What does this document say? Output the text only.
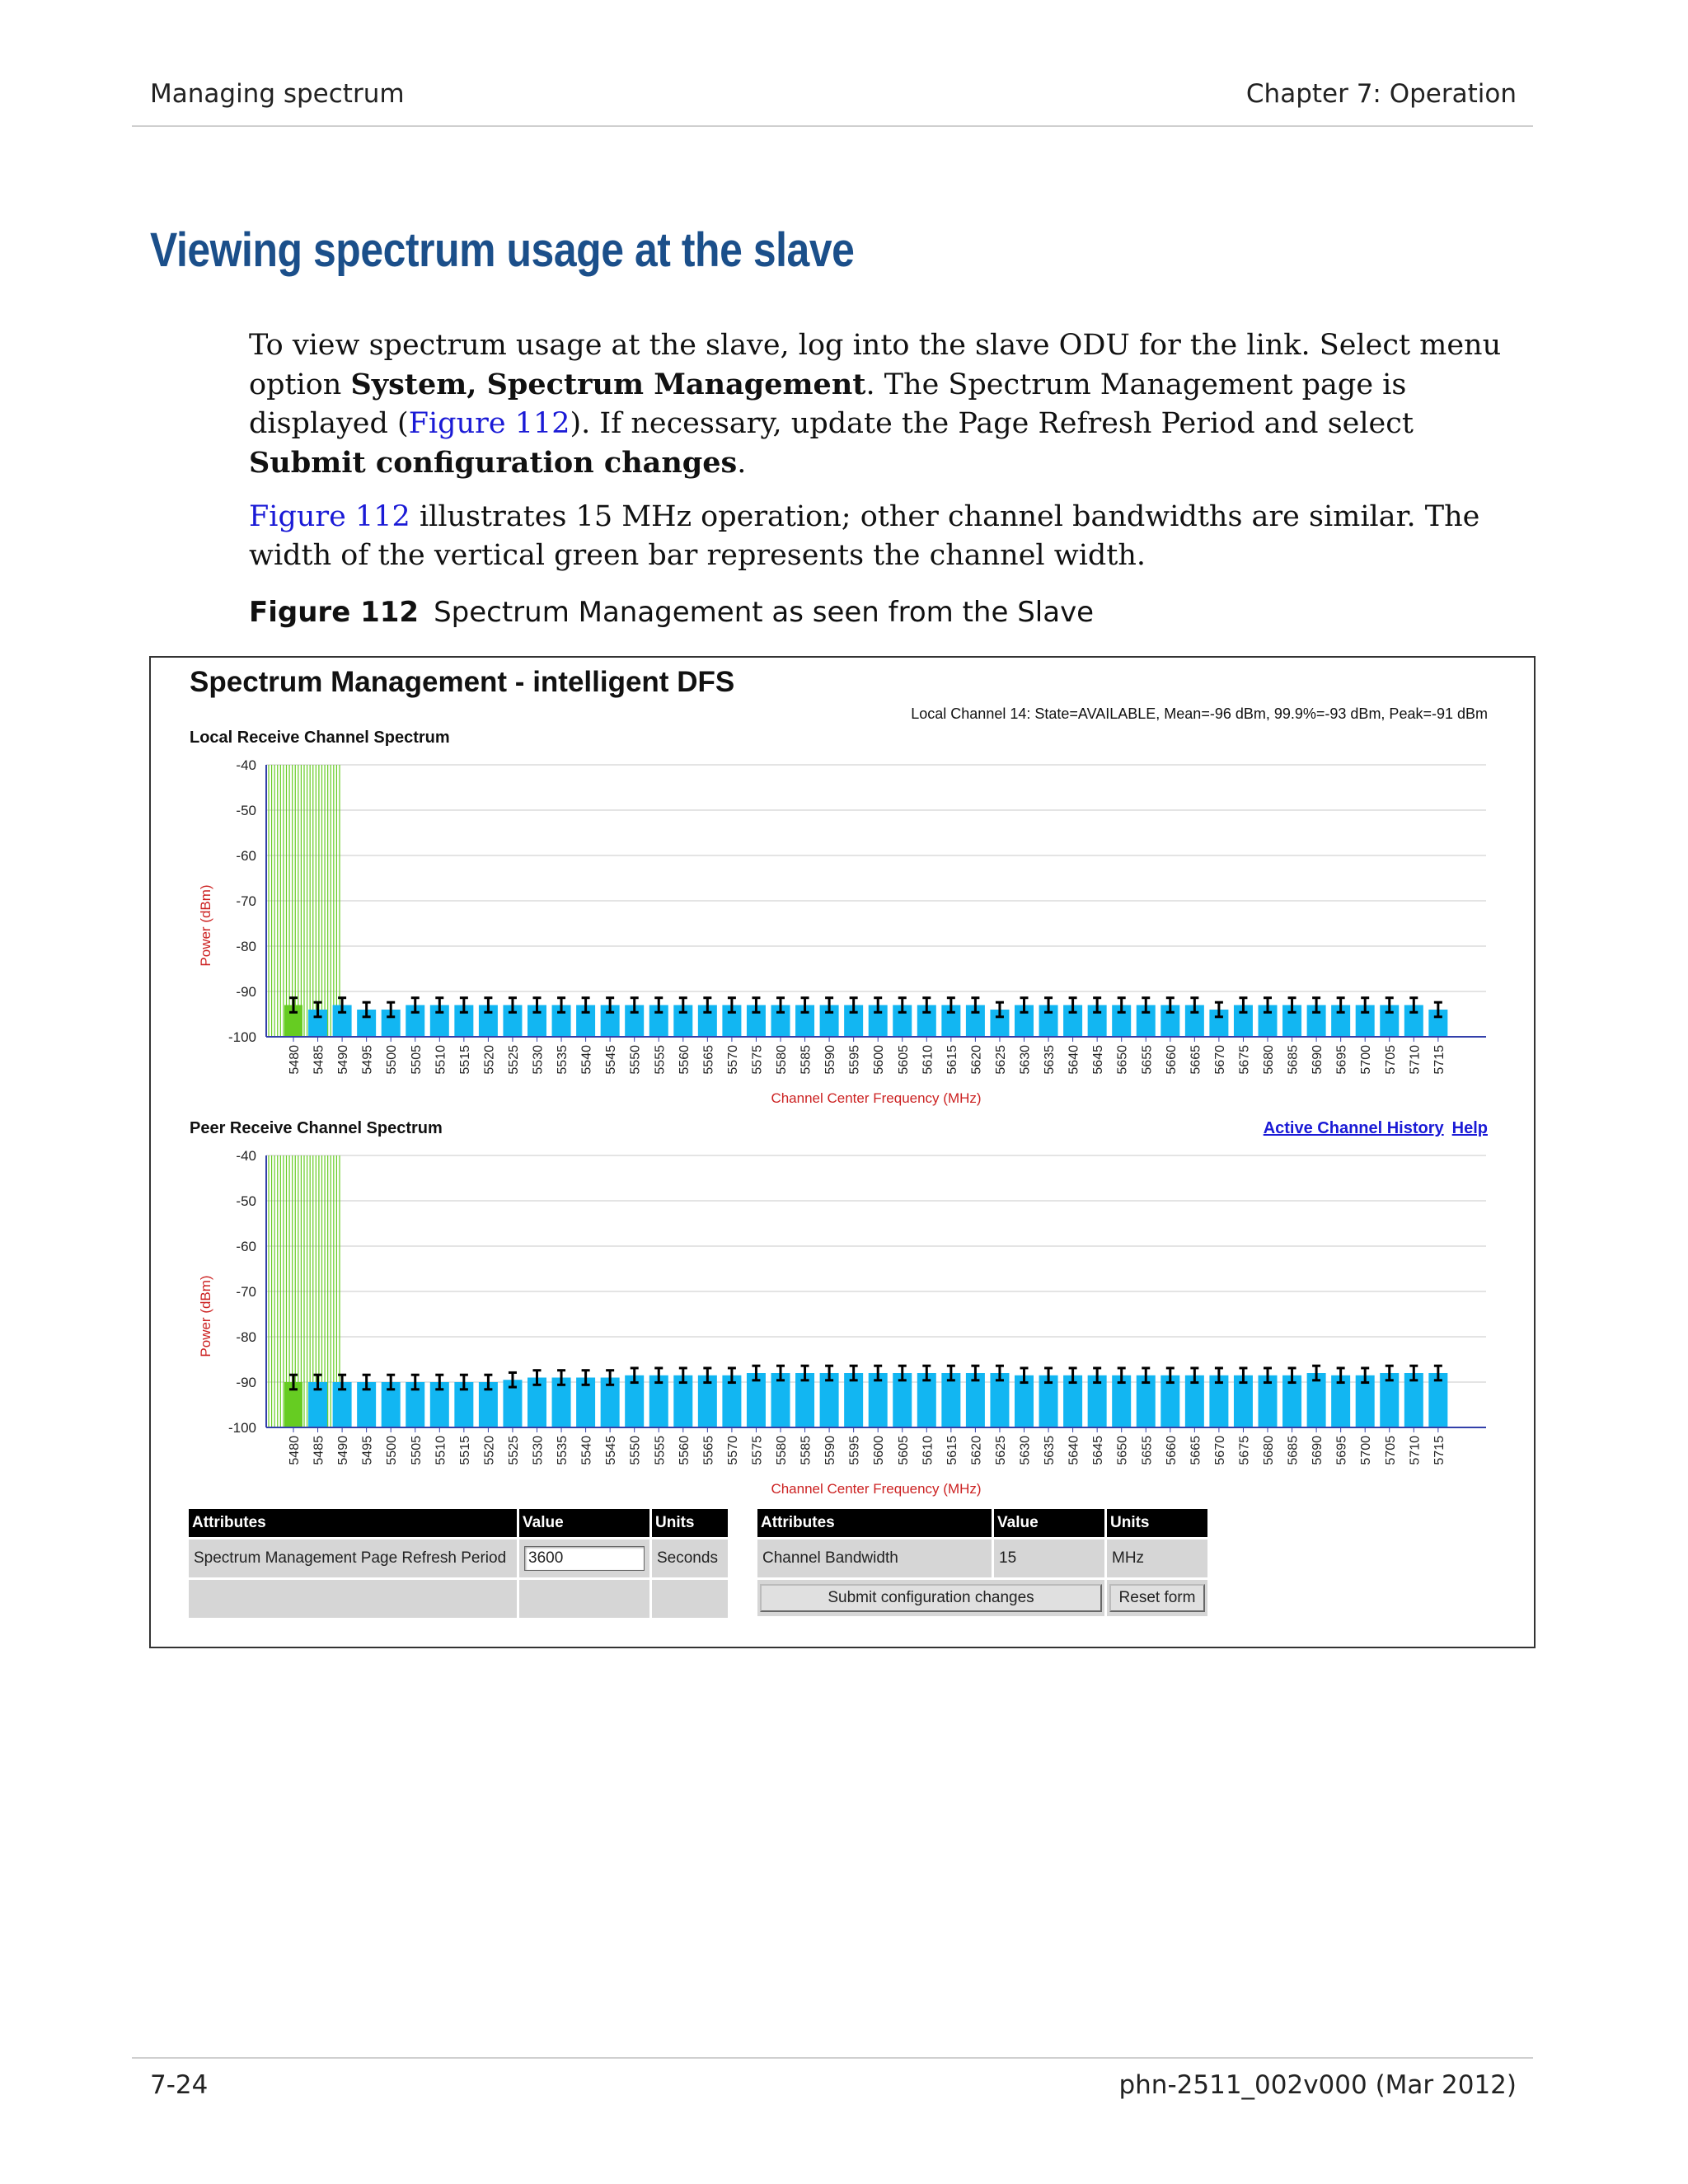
Managing spectrum	Chapter 7: Operation
Viewing spectrum usage at the slave

To view spectrum usage at the slave, log into the slave ODU for the link. Select menu option System, Spectrum Management. The Spectrum Management page is displayed (Figure 112). If necessary, update the Page Refresh Period and select Submit configuration changes.

Figure 112 illustrates 15 MHz operation; other channel bandwidths are similar. The width of the vertical green bar represents the channel width.

Figure 112 Spectrum Management as seen from the Slave
Spectrum Management - intelligent DFS
Local Channel 14: State=AVAILABLE, Mean=-96 dBm, 99.9%=-93 dBm, Peak=-91 dBm
Local Receive Channel Spectrum
-40
-50
-60
-70
-80
-90
-100
5480 5485 5490 5495 5500 5505 5510 5515 5520 5525 5530 5535 5540 5545 5550 5555 5560 5565 5570 5575 5580 5585 5590 5595 5600 5605 5610 5615 5620 5625 5630 5635 5640 5645 5650 5655 5660 5665 5670 5675 5680 5685 5690 5695 5700 5705 5710 5715
Channel Center Frequency (MHz)
Power (dBm)
Peer Receive Channel Spectrum	Active Channel History Help
-40
-50
-60
-70
-80
-90
-100
5480 5485 5490 5495 5500 5505 5510 5515 5520 5525 5530 5535 5540 5545 5550 5555 5560 5565 5570 5575 5580 5585 5590 5595 5600 5605 5610 5615 5620 5625 5630 5635 5640 5645 5650 5655 5660 5665 5670 5675 5680 5685 5690 5695 5700 5705 5710 5715
Channel Center Frequency (MHz)
Power (dBm)
Attributes	Value	Units
Spectrum Management Page Refresh Period	3600	Seconds

Attributes	Value	Units
Channel Bandwidth	15	MHz

Submit configuration changes		Reset form
7-24	phn-2511_002v000 (Mar 2012)
